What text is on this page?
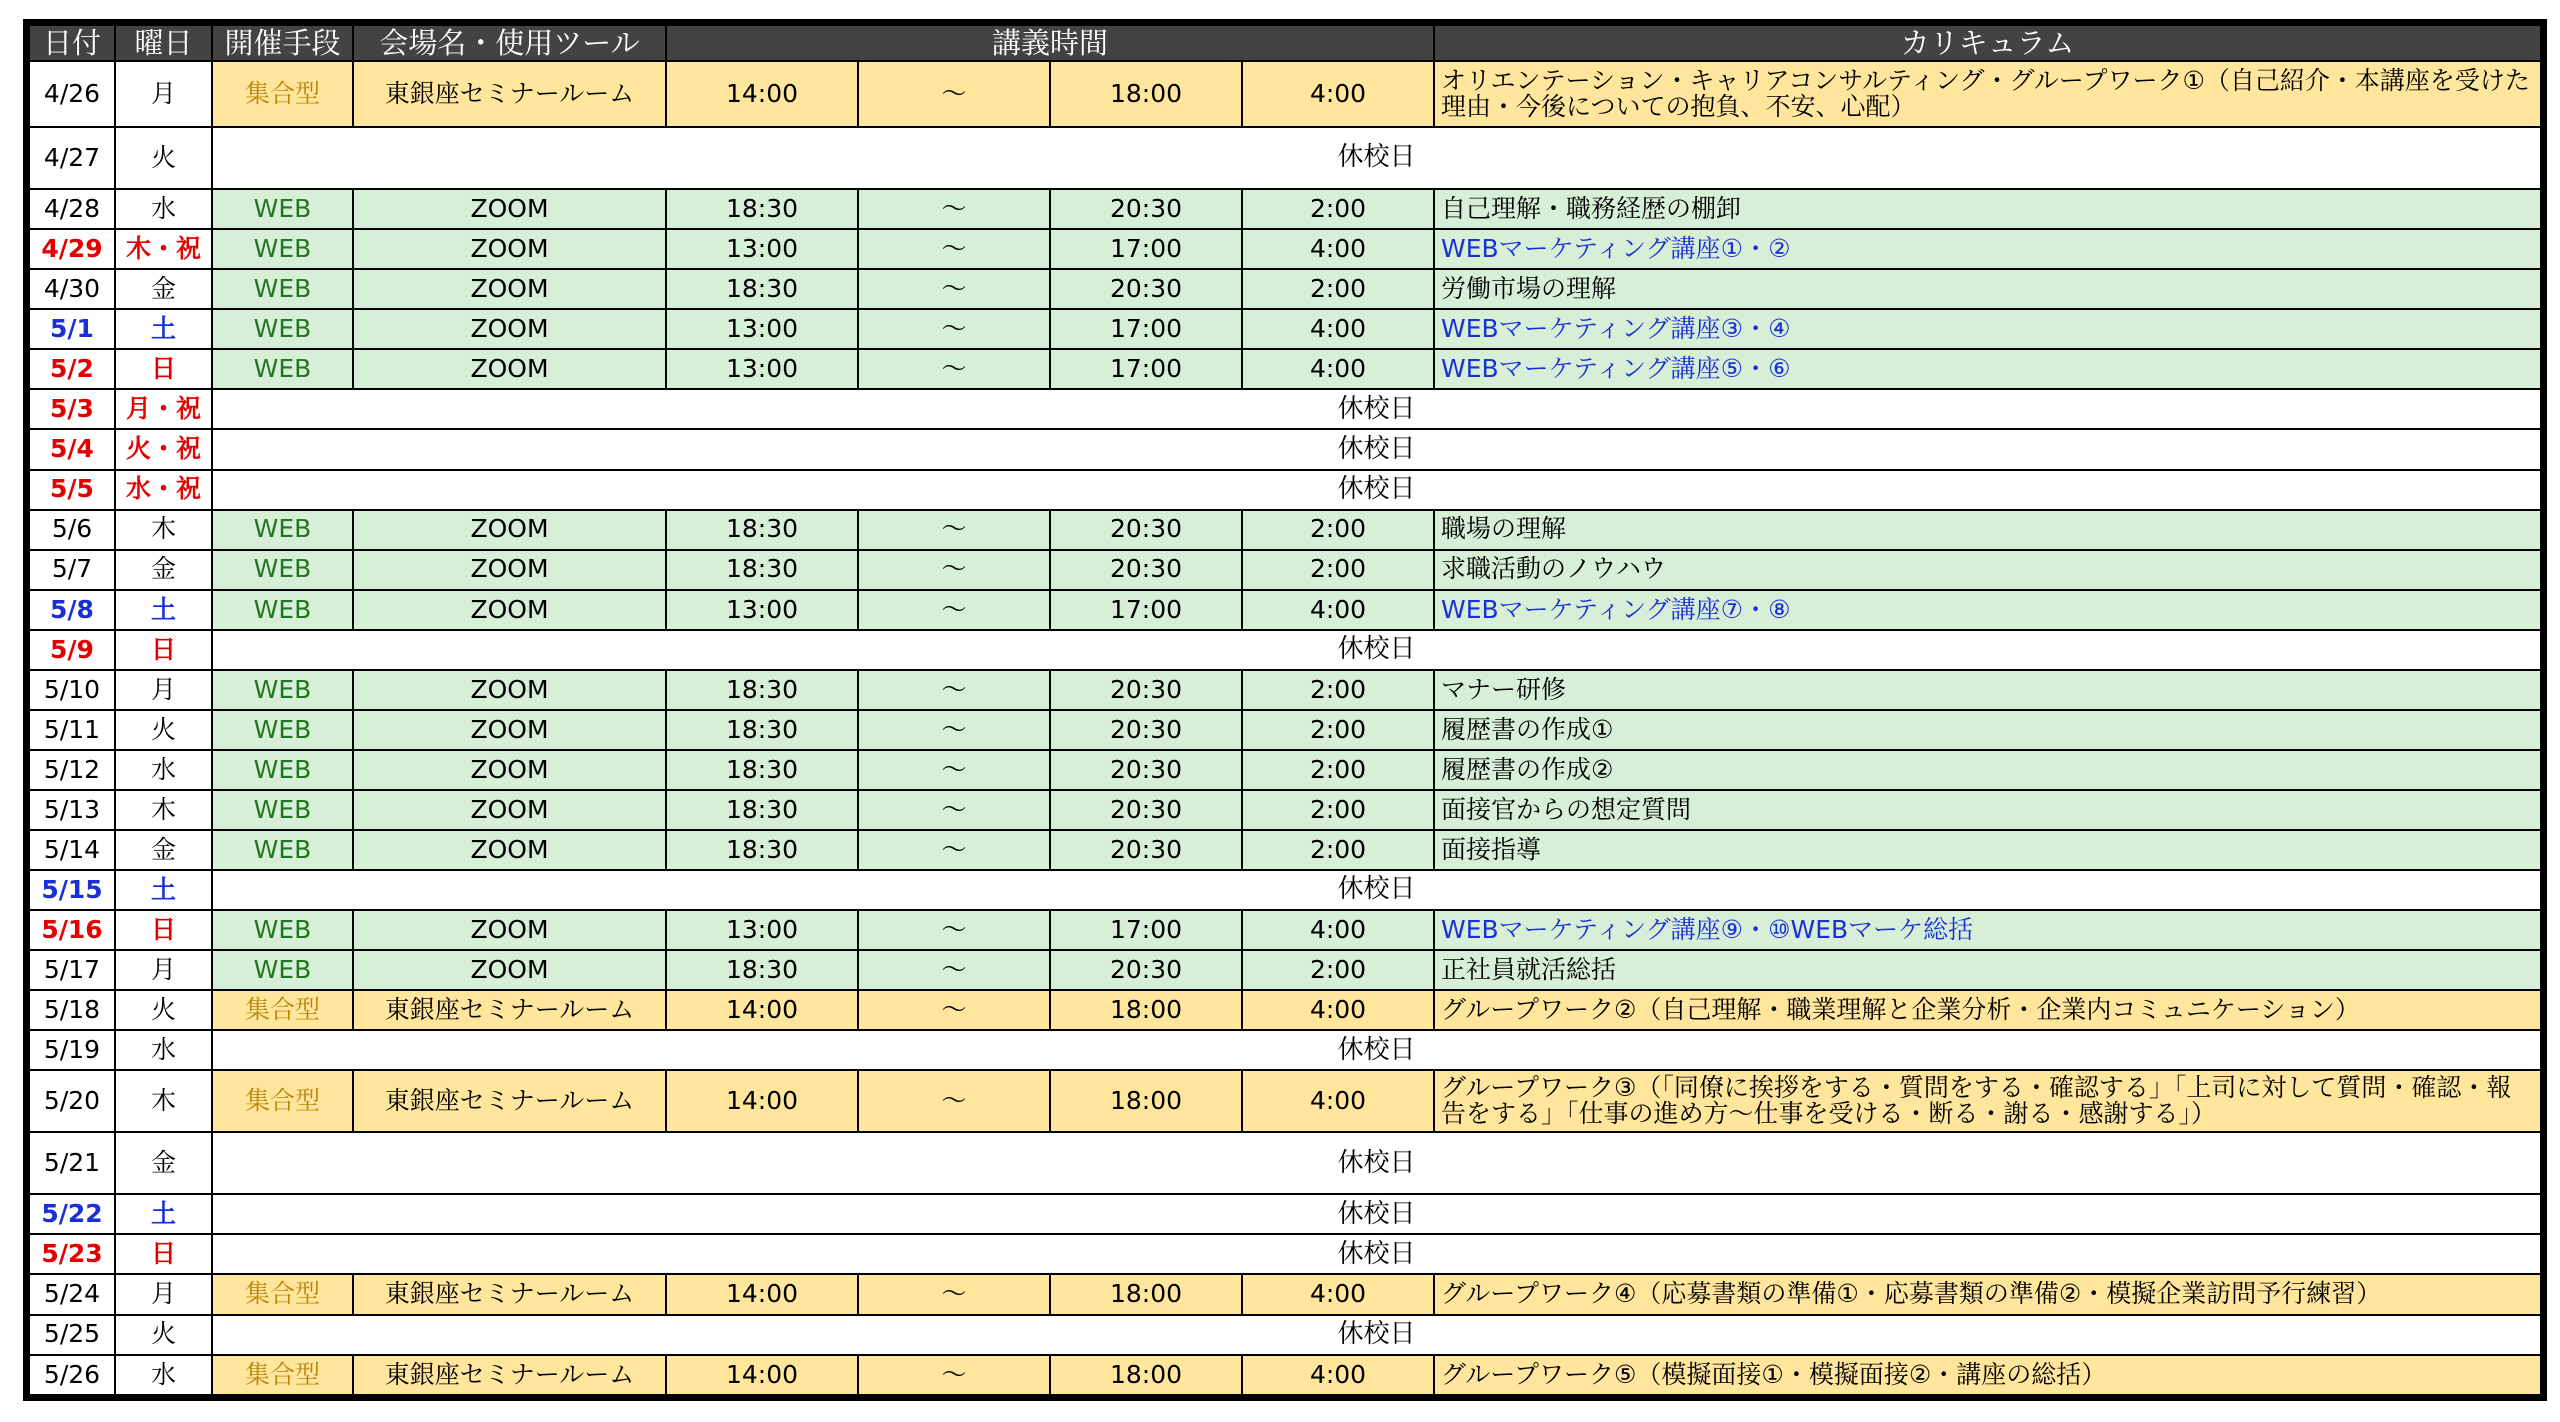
日付	曜日	開催手段	会場名・使用ツール	講義時間				カリキュラム
4/26	月	集合型	東銀座セミナールーム	14:00	～	18:00	4:00	オリエンテーション・キャリアコンサルティング・グループワーク①（自己紹介・本講座を受けた理由・今後についての抱負、不安、心配）
4/27	火	休校日						
4/28	水	WEB	ZOOM	18:30	～	20:30	2:00	自己理解・職務経歴の棚卸
4/29	木・祝	WEB	ZOOM	13:00	～	17:00	4:00	WEBマーケティング講座①・②
4/30	金	WEB	ZOOM	18:30	～	20:30	2:00	労働市場の理解
5/1	土	WEB	ZOOM	13:00	～	17:00	4:00	WEBマーケティング講座③・④
5/2	日	WEB	ZOOM	13:00	～	17:00	4:00	WEBマーケティング講座⑤・⑥
5/3	月・祝	休校日						
5/4	火・祝	休校日						
5/5	水・祝	休校日						
5/6	木	WEB	ZOOM	18:30	～	20:30	2:00	職場の理解
5/7	金	WEB	ZOOM	18:30	～	20:30	2:00	求職活動のノウハウ
5/8	土	WEB	ZOOM	13:00	～	17:00	4:00	WEBマーケティング講座⑦・⑧
5/9	日	休校日						
5/10	月	WEB	ZOOM	18:30	～	20:30	2:00	マナー研修
5/11	火	WEB	ZOOM	18:30	～	20:30	2:00	履歴書の作成①
5/12	水	WEB	ZOOM	18:30	～	20:30	2:00	履歴書の作成②
5/13	木	WEB	ZOOM	18:30	～	20:30	2:00	面接官からの想定質問
5/14	金	WEB	ZOOM	18:30	～	20:30	2:00	面接指導
5/15	土	休校日						
5/16	日	WEB	ZOOM	13:00	～	17:00	4:00	WEBマーケティング講座⑨・⑩WEBマーケ総括
5/17	月	WEB	ZOOM	18:30	～	20:30	2:00	正社員就活総括
5/18	火	集合型	東銀座セミナールーム	14:00	～	18:00	4:00	グループワーク②（自己理解・職業理解と企業分析・企業内コミュニケーション）
5/19	水	休校日						
5/20	木	集合型	東銀座セミナールーム	14:00	～	18:00	4:00	グループワーク③（「同僚に挨拶をする・質問をする・確認する」「上司に対して質問・確認・報告をする」「仕事の進め方～仕事を受ける・断る・謝る・感謝する」）
5/21	金	休校日						
5/22	土	休校日						
5/23	日	休校日						
5/24	月	集合型	東銀座セミナールーム	14:00	～	18:00	4:00	グループワーク④（応募書類の準備①・応募書類の準備②・模擬企業訪問予行練習）
5/25	火	休校日						
5/26	水	集合型	東銀座セミナールーム	14:00	～	18:00	4:00	グループワーク⑤（模擬面接①・模擬面接②・講座の総括）
